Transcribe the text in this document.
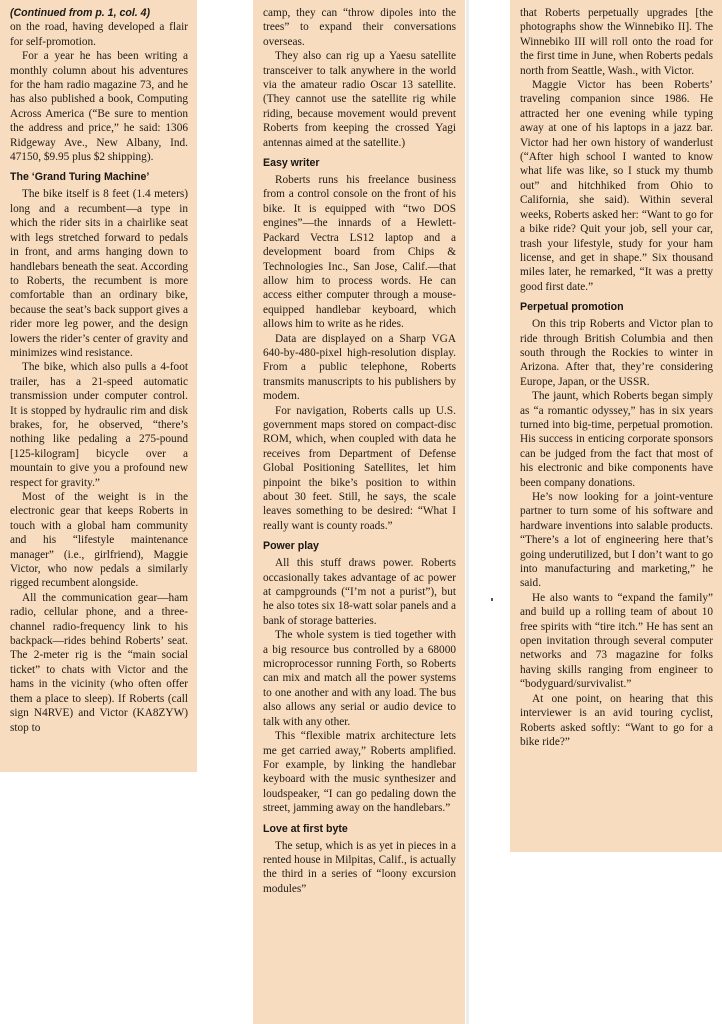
(Continued from p. 1, col. 4)

on the road, having developed a flair for self-promotion.

For a year he has been writing a monthly column about his adventures for the ham radio magazine 73, and he has also published a book, Computing Across America (“Be sure to mention the address and price,” he said: 1306 Ridgeway Ave., New Albany, Ind. 47150, $9.95 plus $2 shipping).

The ‘Grand Turing Machine’

The bike itself is 8 feet (1.4 meters) long and a recumbent—a type in which the rider sits in a chairlike seat with legs stretched forward to pedals in front, and arms hanging down to handlebars beneath the seat. According to Roberts, the recumbent is more comfortable than an ordinary bike, because the seat’s back support gives a rider more leg power, and the design lowers the rider’s center of gravity and minimizes wind resistance.

The bike, which also pulls a 4-foot trailer, has a 21-speed automatic transmission under computer control. It is stopped by hydraulic rim and disk brakes, for, he observed, “there’s nothing like pedaling a 275-pound [125-kilogram] bicycle over a mountain to give you a profound new respect for gravity.”

Most of the weight is in the electronic gear that keeps Roberts in touch with a global ham community and his “lifestyle maintenance manager” (i.e., girlfriend), Maggie Victor, who now pedals a similarly rigged recumbent alongside.

All the communication gear—ham radio, cellular phone, and a three-channel radio-frequency link to his backpack—rides behind Roberts’ seat. The 2-meter rig is the “main social ticket” to chats with Victor and the hams in the vicinity (who often offer them a place to sleep). If Roberts (call sign N4RVE) and Victor (KA8ZYW) stop to

camp, they can “throw dipoles into the trees” to expand their conversations overseas.

They also can rig up a Yaesu satellite transceiver to talk anywhere in the world via the amateur radio Oscar 13 satellite. (They cannot use the satellite rig while riding, because movement would prevent Roberts from keeping the crossed Yagi antennas aimed at the satellite.)

Easy writer

Roberts runs his freelance business from a control console on the front of his bike. It is equipped with “two DOS engines”—the innards of a Hewlett-Packard Vectra LS12 laptop and a development board from Chips & Technologies Inc., San Jose, Calif.—that allow him to process words. He can access either computer through a mouse-equipped handlebar keyboard, which allows him to write as he rides.

Data are displayed on a Sharp VGA 640-by-480-pixel high-resolution display. From a public telephone, Roberts transmits manuscripts to his publishers by modem.

For navigation, Roberts calls up U.S. government maps stored on compact-disc ROM, which, when coupled with data he receives from Department of Defense Global Positioning Satellites, let him pinpoint the bike’s position to within about 30 feet. Still, he says, the scale leaves something to be desired: “What I really want is county roads.”

Power play

All this stuff draws power. Roberts occasionally takes advantage of ac power at campgrounds (“I’m not a purist”), but he also totes six 18-watt solar panels and a bank of storage batteries.

The whole system is tied together with a big resource bus controlled by a 68000 microprocessor running Forth, so Roberts can mix and match all the power systems to one another and with any load. The bus also allows any serial or audio device to talk with any other.

This “flexible matrix architecture lets me get carried away,” Roberts amplified. For example, by linking the handlebar keyboard with the music synthesizer and loudspeaker, “I can go pedaling down the street, jamming away on the handlebars.”

Love at first byte

The setup, which is as yet in pieces in a rented house in Milpitas, Calif., is actually the third in a series of “loony excursion modules”

that Roberts perpetually upgrades [the photographs show the Winnebiko II]. The Winnebiko III will roll onto the road for the first time in June, when Roberts pedals north from Seattle, Wash., with Victor.

Maggie Victor has been Roberts’ traveling companion since 1986. He attracted her one evening while typing away at one of his laptops in a jazz bar. Victor had her own history of wanderlust (“After high school I wanted to know what life was like, so I stuck my thumb out” and hitchhiked from Ohio to California, she said). Within several weeks, Roberts asked her: “Want to go for a bike ride? Quit your job, sell your car, trash your lifestyle, study for your ham license, and get in shape.” Six thousand miles later, he remarked, “It was a pretty good first date.”

Perpetual promotion

On this trip Roberts and Victor plan to ride through British Columbia and then south through the Rockies to winter in Arizona. After that, they’re considering Europe, Japan, or the USSR.

The jaunt, which Roberts began simply as “a romantic odyssey,” has in six years turned into big-time, perpetual promotion. His success in enticing corporate sponsors can be judged from the fact that most of his electronic and bike components have been company donations.

He’s now looking for a joint-venture partner to turn some of his software and hardware inventions into salable products. “There’s a lot of engineering here that’s going underutilized, but I don’t want to go into manufacturing and marketing,” he said.

He also wants to “expand the family” and build up a rolling team of about 10 free spirits with “tire itch.” He has sent an open invitation through several computer networks and 73 magazine for folks having skills ranging from engineer to “bodyguard/survivalist.”

At one point, on hearing that this interviewer is an avid touring cyclist, Roberts asked softly: “Want to go for a bike ride?”
